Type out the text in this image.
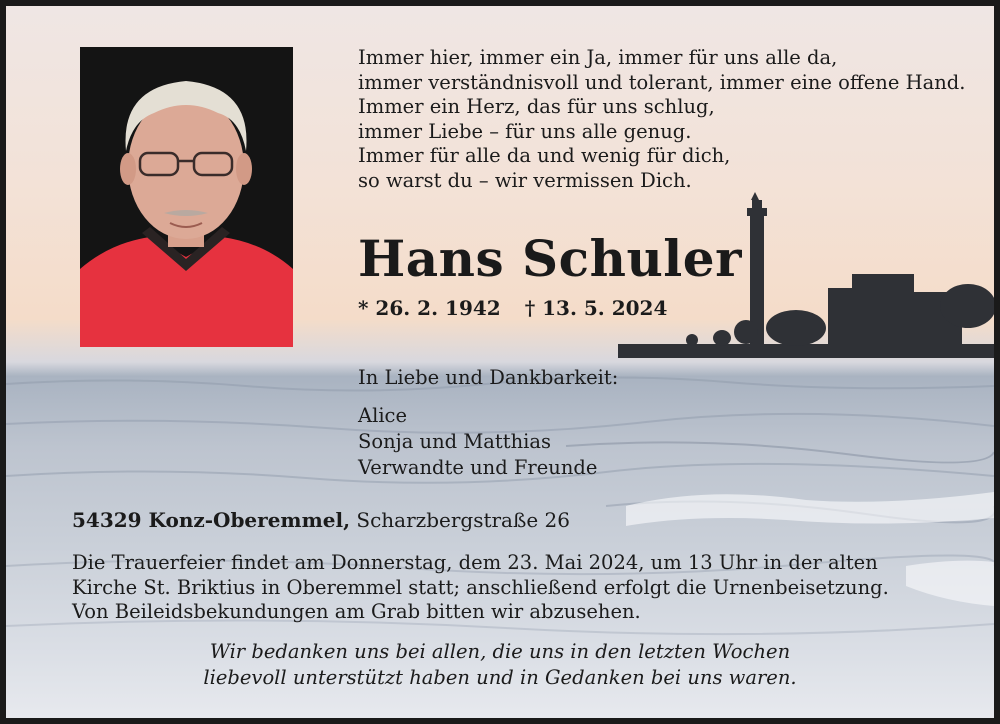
Immer hier, immer ein Ja, immer für uns alle da,
immer verständnisvoll und tolerant, immer eine offene Hand.
Immer ein Herz, das für uns schlug,
immer Liebe – für uns alle genug.
Immer für alle da und wenig für dich,
so warst du – wir vermissen Dich.
Hans Schuler
* 26. 2. 1942 † 13. 5. 2024
In Liebe und Dankbarkeit:
Alice
Sonja und Matthias
Verwandte und Freunde
54329 Konz-Oberemmel, Scharzbergstraße 26
Die Trauerfeier findet am Donnerstag, dem 23. Mai 2024, um 13 Uhr in der alten
Kirche St. Briktius in Oberemmel statt; anschließend erfolgt die Urnenbeisetzung.
Von Beileidsbekundungen am Grab bitten wir abzusehen.
Wir bedanken uns bei allen, die uns in den letzten Wochen
liebevoll unterstützt haben und in Gedanken bei uns waren.
